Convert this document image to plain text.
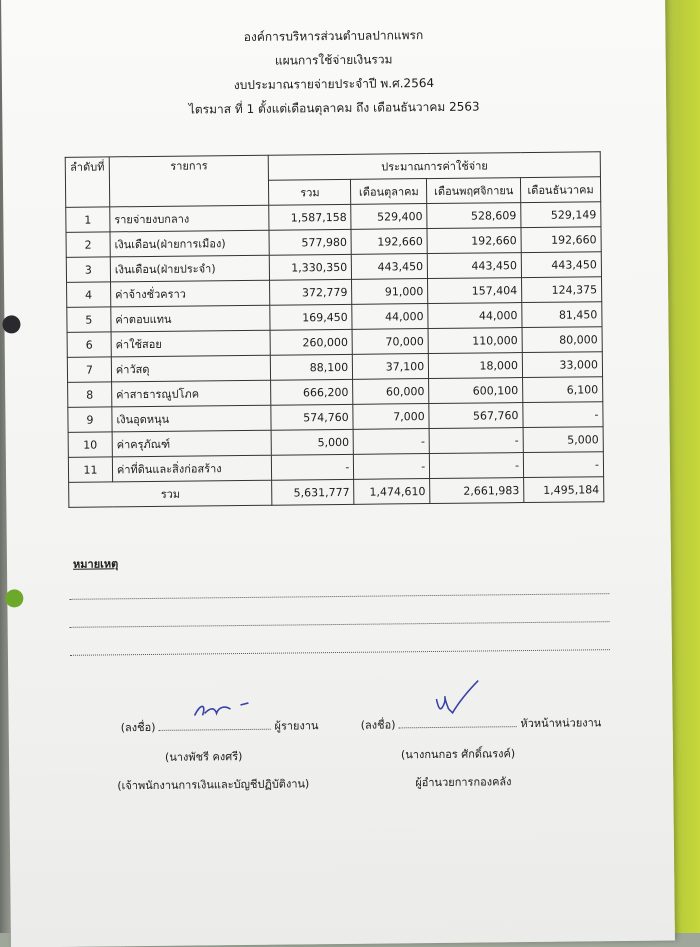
องค์การบริหารส่วนตำบลปากแพรก
แผนการใช้จ่ายเงินรวม
งบประมาณรายจ่ายประจำปี พ.ศ.2564
ไตรมาส ที่ 1 ตั้งแต่เดือนตุลาคม ถึง เดือนธันวาคม 2563
ลำดับที่	รายการ	ประมาณการค่าใช้จ่าย			
		รวม	เดือนตุลาคม	เดือนพฤศจิกายน	เดือนธันวาคม
1	รายจ่ายงบกลาง	1,587,158	529,400	528,609	529,149
2	เงินเดือน(ฝ่ายการเมือง)	577,980	192,660	192,660	192,660
3	เงินเดือน(ฝ่ายประจำ)	1,330,350	443,450	443,450	443,450
4	ค่าจ้างชั่วคราว	372,779	91,000	157,404	124,375
5	ค่าตอบแทน	169,450	44,000	44,000	81,450
6	ค่าใช้สอย	260,000	70,000	110,000	80,000
7	ค่าวัสดุ	88,100	37,100	18,000	33,000
8	ค่าสาธารณูปโภค	666,200	60,000	600,100	6,100
9	เงินอุดหนุน	574,760	7,000	567,760	-
10	ค่าครุภัณฑ์	5,000	-	-	5,000
11	ค่าที่ดินและสิ่งก่อสร้าง	-	-	-	-
รวม		5,631,777	1,474,610	2,661,983	1,495,184
หมายเหตุ
(ลงชื่อ)	ผู้รายงาน
(นางพัชรี คงศรี)
(เจ้าพนักงานการเงินและบัญชีปฏิบัติงาน)
(ลงชื่อ)	หัวหน้าหน่วยงาน
(นางกนกอร ศักดิ์ณรงค์)
ผู้อำนวยการกองคลัง
